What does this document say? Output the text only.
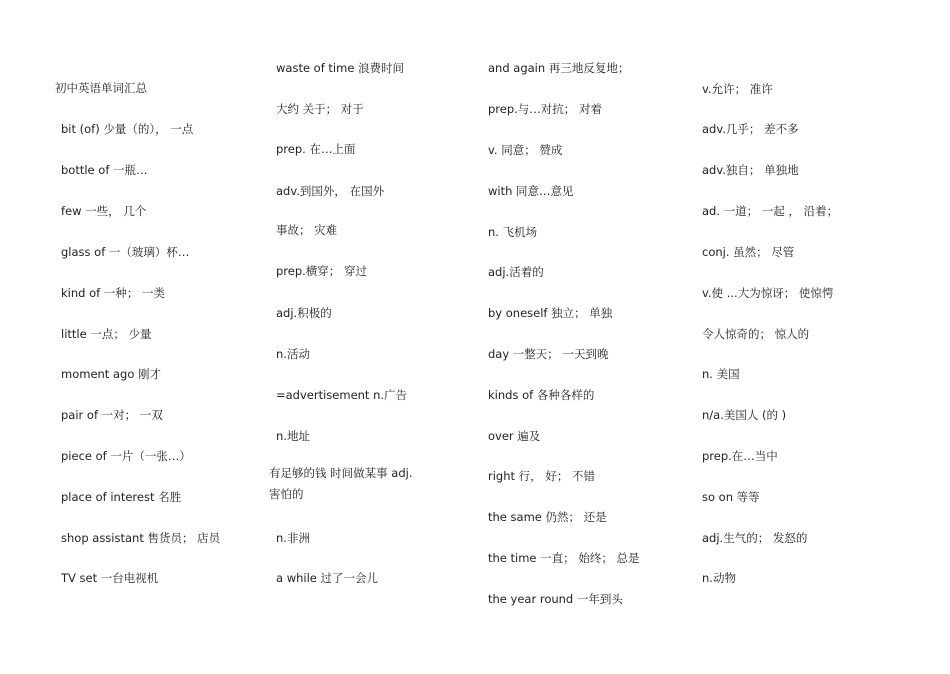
初中英语单词汇总
bit (of) 少量（的）， 一点
bottle of 一瓶…
few 一些， 几个
glass of 一（玻璃）杯…
kind of 一种； 一类
little 一点； 少量
moment ago 刚才
pair of 一对； 一双
piece of 一片（一张…）
place of interest 名胜
shop assistant 售货员； 店员
TV set 一台电视机
waste of time 浪费时间
大约 关于； 对于
prep. 在…上面
adv.到国外， 在国外
事故； 灾难
prep.横穿； 穿过
adj.积极的
n.活动
=advertisement n.广告
n.地址
有足够的钱 时间做某事 adj.
害怕的
n.非洲
a while 过了一会儿
and again 再三地反复地；
prep.与…对抗； 对着
v. 同意； 赞成
with 同意…意见
n. 飞机场
adj.活着的
by oneself 独立； 单独
day 一整天； 一天到晚
kinds of 各种各样的
over 遍及
right 行， 好； 不错
the same 仍然； 还是
the time 一直； 始终； 总是
the year round 一年到头
v.允许； 准许
adv.几乎； 差不多
adv.独自； 单独地
ad. 一道； 一起 ， 沿着；
conj. 虽然； 尽管
v.使 ...大为惊讶； 使惊愕
令人惊奇的； 惊人的
n. 美国
n/a.美国人 (的 )
prep.在…当中
so on 等等
adj.生气的； 发怒的
n.动物
